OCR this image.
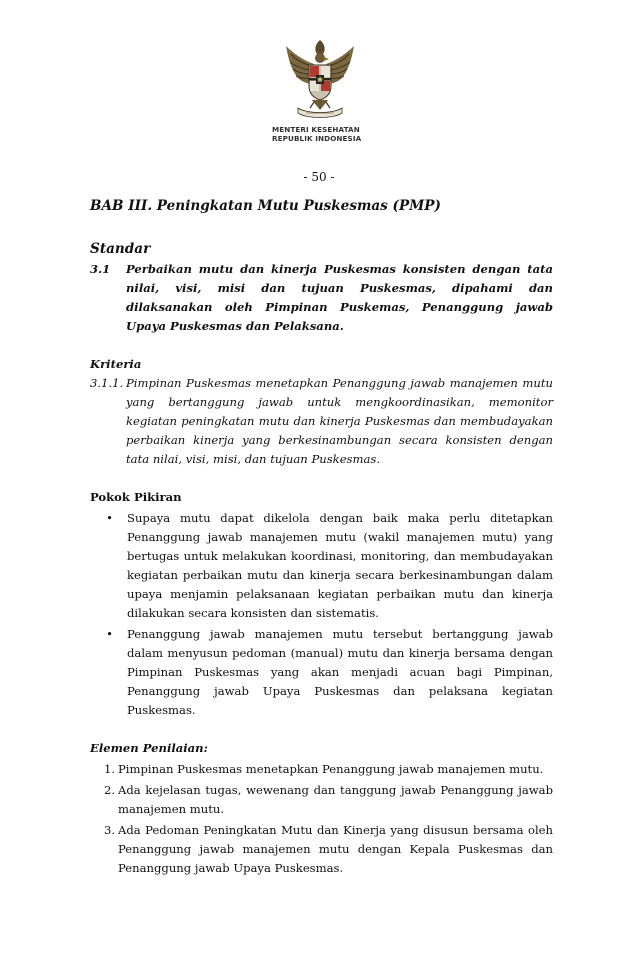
MENTERI KESEHATAN
REPUBLIK INDONESIA
- 50 -
BAB III. Peningkatan Mutu Puskesmas (PMP)
Standar
3.1	Perbaikan mutu dan kinerja Puskesmas konsisten dengan tata nilai, visi, misi dan tujuan Puskesmas, dipahami dan dilaksanakan oleh Pimpinan Puskemas, Penanggung jawab Upaya Puskesmas dan Pelaksana.
Kriteria
3.1.1. Pimpinan Puskesmas menetapkan Penanggung jawab manajemen mutu yang bertanggung jawab untuk mengkoordinasikan, memonitor kegiatan peningkatan mutu dan kinerja Puskesmas dan membudayakan perbaikan kinerja yang berkesinambungan secara konsisten dengan tata nilai, visi, misi, dan tujuan Puskesmas.
Pokok Pikiran
•	Supaya mutu dapat dikelola dengan baik maka perlu ditetapkan Penanggung jawab manajemen mutu (wakil manajemen mutu) yang bertugas untuk melakukan koordinasi, monitoring, dan membudayakan kegiatan perbaikan mutu dan kinerja secara berkesinambungan dalam upaya menjamin pelaksanaan kegiatan perbaikan mutu dan kinerja dilakukan secara konsisten dan sistematis.
•	Penanggung jawab manajemen mutu tersebut bertanggung jawab dalam menyusun pedoman (manual) mutu dan kinerja bersama dengan Pimpinan Puskesmas yang akan menjadi acuan bagi Pimpinan, Penanggung jawab Upaya Puskesmas dan pelaksana kegiatan Puskesmas.
Elemen Penilaian:
1. Pimpinan Puskesmas menetapkan Penanggung jawab manajemen mutu.
2. Ada kejelasan tugas, wewenang dan tanggung jawab Penanggung jawab manajemen mutu.
3. Ada Pedoman Peningkatan Mutu dan Kinerja yang disusun bersama oleh Penanggung jawab manajemen mutu dengan Kepala Puskesmas dan Penanggung jawab Upaya Puskesmas.
